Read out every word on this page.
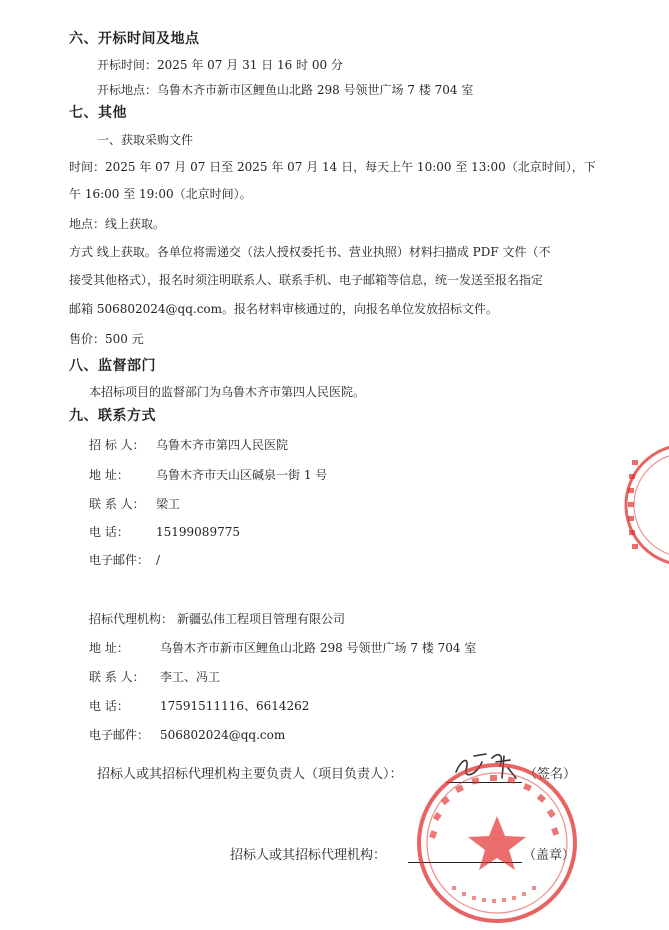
六、开标时间及地点
开标时间：2025 年 07 月 31 日 16 时 00 分
开标地点：乌鲁木齐市新市区鲤鱼山北路 298 号领世广场 7 楼 704 室
七、其他
一、获取采购文件
时间：2025 年 07 月 07 日至 2025 年 07 月 14 日，每天上午 10:00 至 13:00（北京时间），下
午 16:00 至 19:00（北京时间）。
地点：线上获取。
方式 线上获取。各单位将需递交（法人授权委托书、营业执照）材料扫描成 PDF 文件（不
接受其他格式），报名时须注明联系人、联系手机、电子邮箱等信息，统一发送至报名指定
邮箱 506802024@qq.com。报名材料审核通过的，向报名单位发放招标文件。
售价：500 元
八、监督部门
本招标项目的监督部门为乌鲁木齐市第四人民医院。
九、联系方式
招 标 人： 乌鲁木齐市第四人民医院
地 址： 乌鲁木齐市天山区碱泉一街 1 号
联 系 人： 梁工
电 话： 15199089775
电子邮件： /
招标代理机构： 新疆弘伟工程项目管理有限公司
地 址：	乌鲁木齐市新市区鲤鱼山北路 298 号领世广场 7 楼 704 室
联 系 人： 李工、冯工
电 话：	17591511116、6614262
电子邮件： 506802024@qq.com
招标人或其招标代理机构主要负责人（项目负责人）：	（签名）
招标人或其招标代理机构：	（盖章）
